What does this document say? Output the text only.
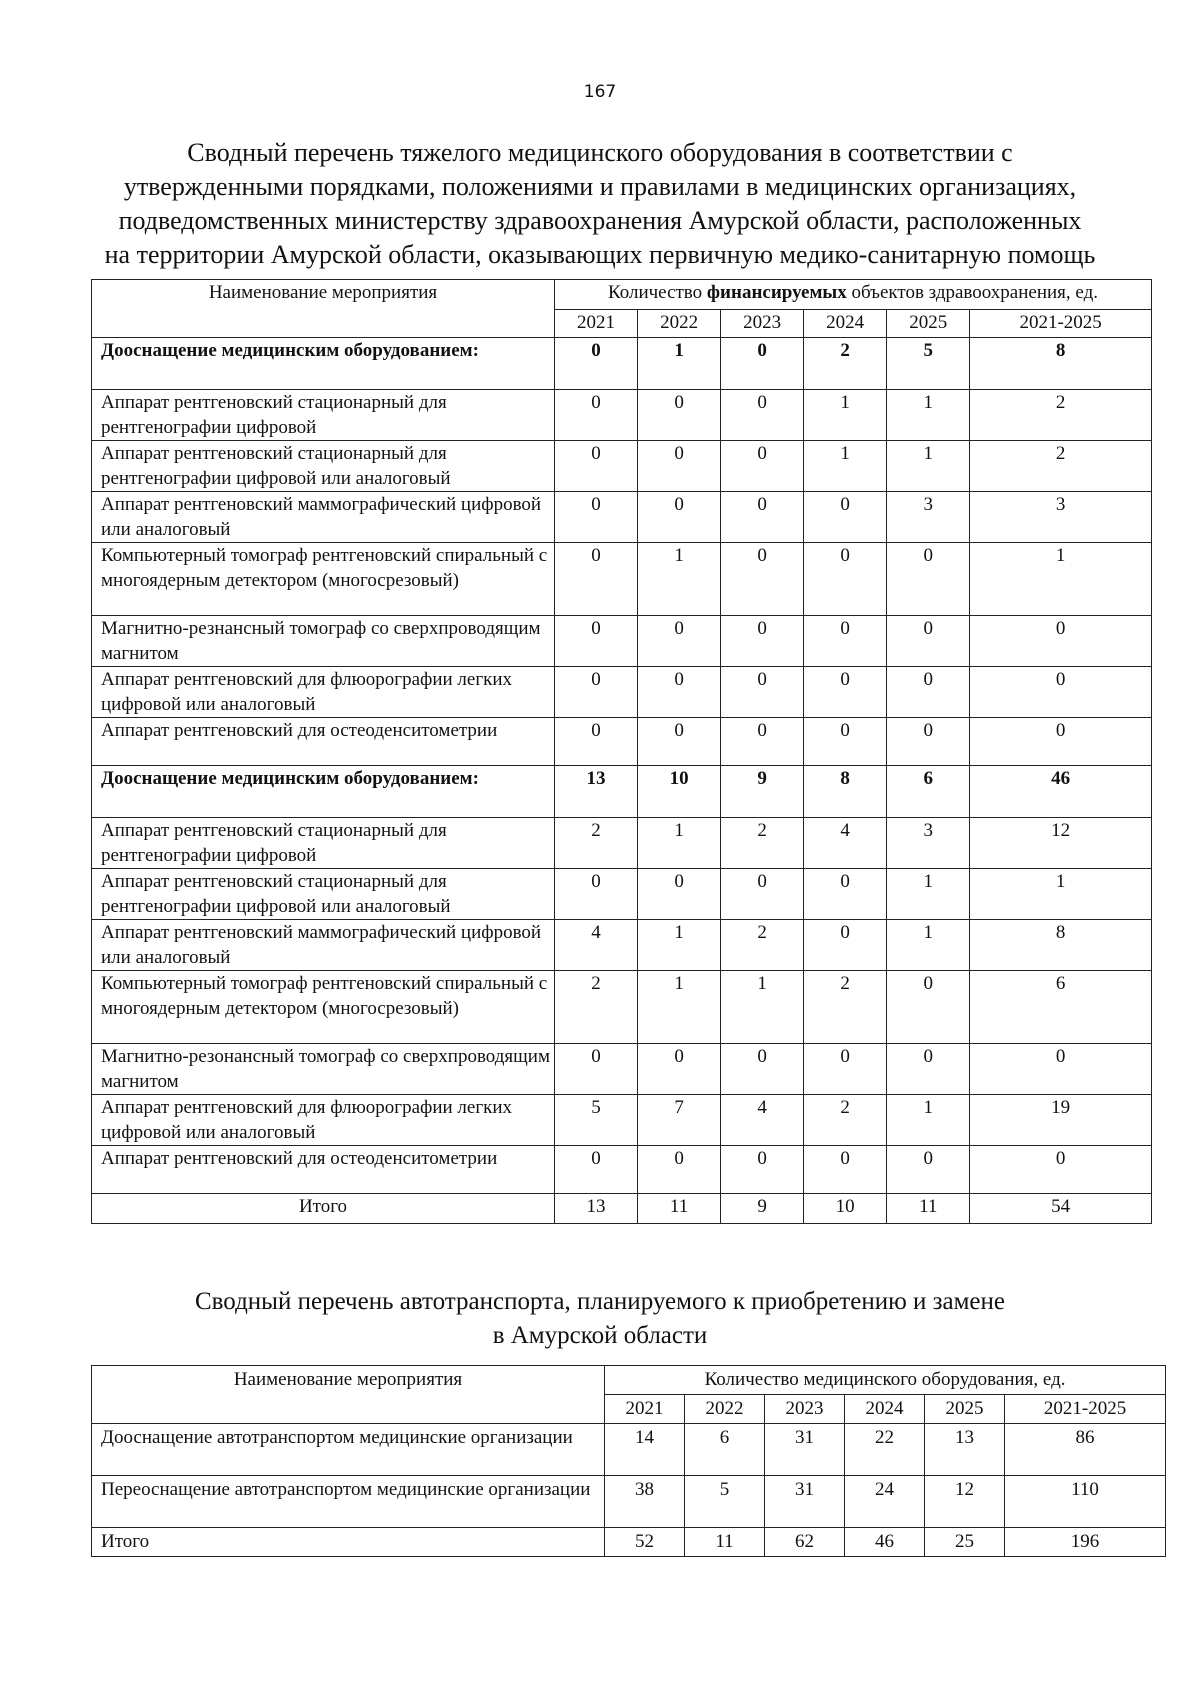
167
Сводный перечень тяжелого медицинского оборудования в соответствии с
утвержденными порядками, положениями и правилами в медицинских организациях,
подведомственных министерству здравоохранения Амурской области, расположенных
на территории Амурской области, оказывающих первичную медико-санитарную помощь
Наименование мероприятия	Количество финансируемых объектов здравоохранения, ед.					
	2021	2022	2023	2024	2025	2021-2025
Дооснащение медицинским оборудованием:	0	1	0	2	5	8
Аппарат рентгеновский стационарный для рентгенографии цифровой	0	0	0	1	1	2
Аппарат рентгеновский стационарный для рентгенографии цифровой или аналоговый	0	0	0	1	1	2
Аппарат рентгеновский маммографический цифровой или аналоговый	0	0	0	0	3	3
Компьютерный томограф рентгеновский спиральный с многоядерным детектором (многосрезовый)	0	1	0	0	0	1
Магнитно-резнансный томограф со сверхпроводящим магнитом	0	0	0	0	0	0
Аппарат рентгеновский для флюорографии легких цифровой или аналоговый	0	0	0	0	0	0
Аппарат рентгеновский для остеоденситометрии	0	0	0	0	0	0
Дооснащение медицинским оборудованием:	13	10	9	8	6	46
Аппарат рентгеновский стационарный для рентгенографии цифровой	2	1	2	4	3	12
Аппарат рентгеновский стационарный для рентгенографии цифровой или аналоговый	0	0	0	0	1	1
Аппарат рентгеновский маммографический цифровой или аналоговый	4	1	2	0	1	8
Компьютерный томограф рентгеновский спиральный с многоядерным детектором (многосрезовый)	2	1	1	2	0	6
Магнитно-резонансный томограф со сверхпроводящим магнитом	0	0	0	0	0	0
Аппарат рентгеновский для флюорографии легких цифровой или аналоговый	5	7	4	2	1	19
Аппарат рентгеновский для остеоденситометрии	0	0	0	0	0	0
Итого	13	11	9	10	11	54
Сводный перечень автотранспорта, планируемого к приобретению и замене
в Амурской области
Наименование мероприятия	Количество медицинского оборудования, ед.					
	2021	2022	2023	2024	2025	2021-2025
Дооснащение автотранспортом медицинские организации	14	6	31	22	13	86
Переоснащение автотранспортом медицинские организации	38	5	31	24	12	110
Итого	52	11	62	46	25	196
